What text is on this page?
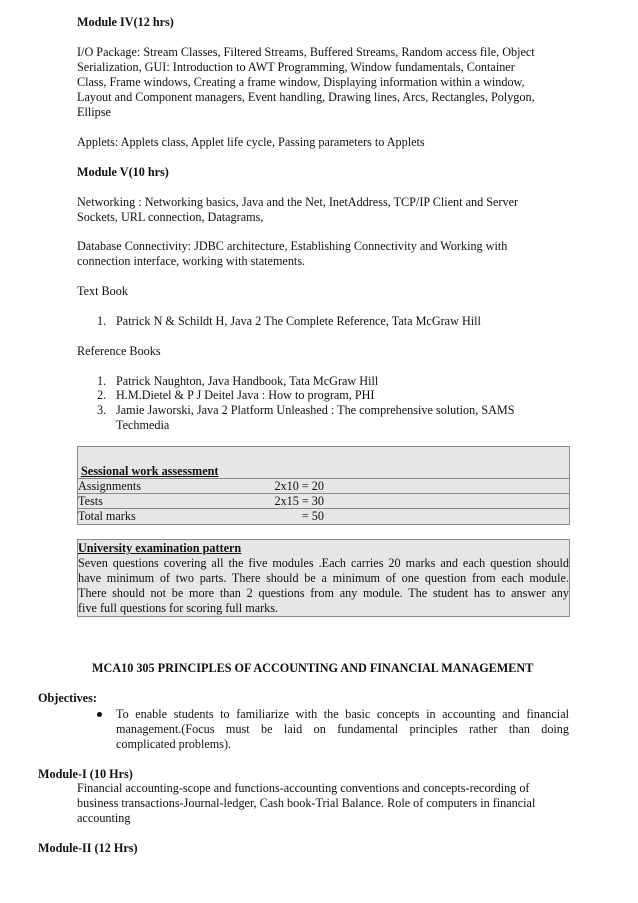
Module IV(12 hrs)
I/O Package: Stream Classes, Filtered Streams, Buffered Streams, Random access file, Object
Serialization, GUI: Introduction to AWT Programming, Window fundamentals, Container
Class, Frame windows, Creating a frame window, Displaying information within a window,
Layout and Component managers, Event handling, Drawing lines, Arcs, Rectangles, Polygon,
Ellipse
Applets: Applets class, Applet life cycle, Passing parameters to Applets
Module V(10 hrs)
Networking : Networking basics, Java and the Net, InetAddress, TCP/IP Client and Server
Sockets, URL connection, Datagrams,
Database Connectivity: JDBC architecture, Establishing Connectivity and Working with
connection interface, working with statements.
Text Book
1. Patrick N & Schildt H, Java 2 The Complete Reference, Tata McGraw Hill
Reference Books
1. Patrick Naughton, Java Handbook, Tata McGraw Hill
2. H.M.Dietel & P J Deitel Java : How to program, PHI
3. Jamie Jaworski, Java 2 Platform Unleashed : The comprehensive solution, SAMS
Techmedia
Sessional work assessment
Assignments	2x10 = 20
Tests	2x15 = 30
Total marks	= 50
University examination pattern
Seven questions covering all the five modules .Each carries 20 marks and each question should
have minimum of two parts. There should be a minimum of one question from each module.
There should not be more than 2 questions from any module. The student has to answer any
five full questions for scoring full marks.
MCA10 305 PRINCIPLES OF ACCOUNTING AND FINANCIAL MANAGEMENT
Objectives:
To enable students to familiarize with the basic concepts in accounting and financial
management.(Focus must be laid on fundamental principles rather than doing
complicated problems).
Module-I (10 Hrs)
Financial accounting-scope and functions-accounting conventions and concepts-recording of
business transactions-Journal-ledger, Cash book-Trial Balance. Role of computers in financial
accounting
Module-II (12 Hrs)
